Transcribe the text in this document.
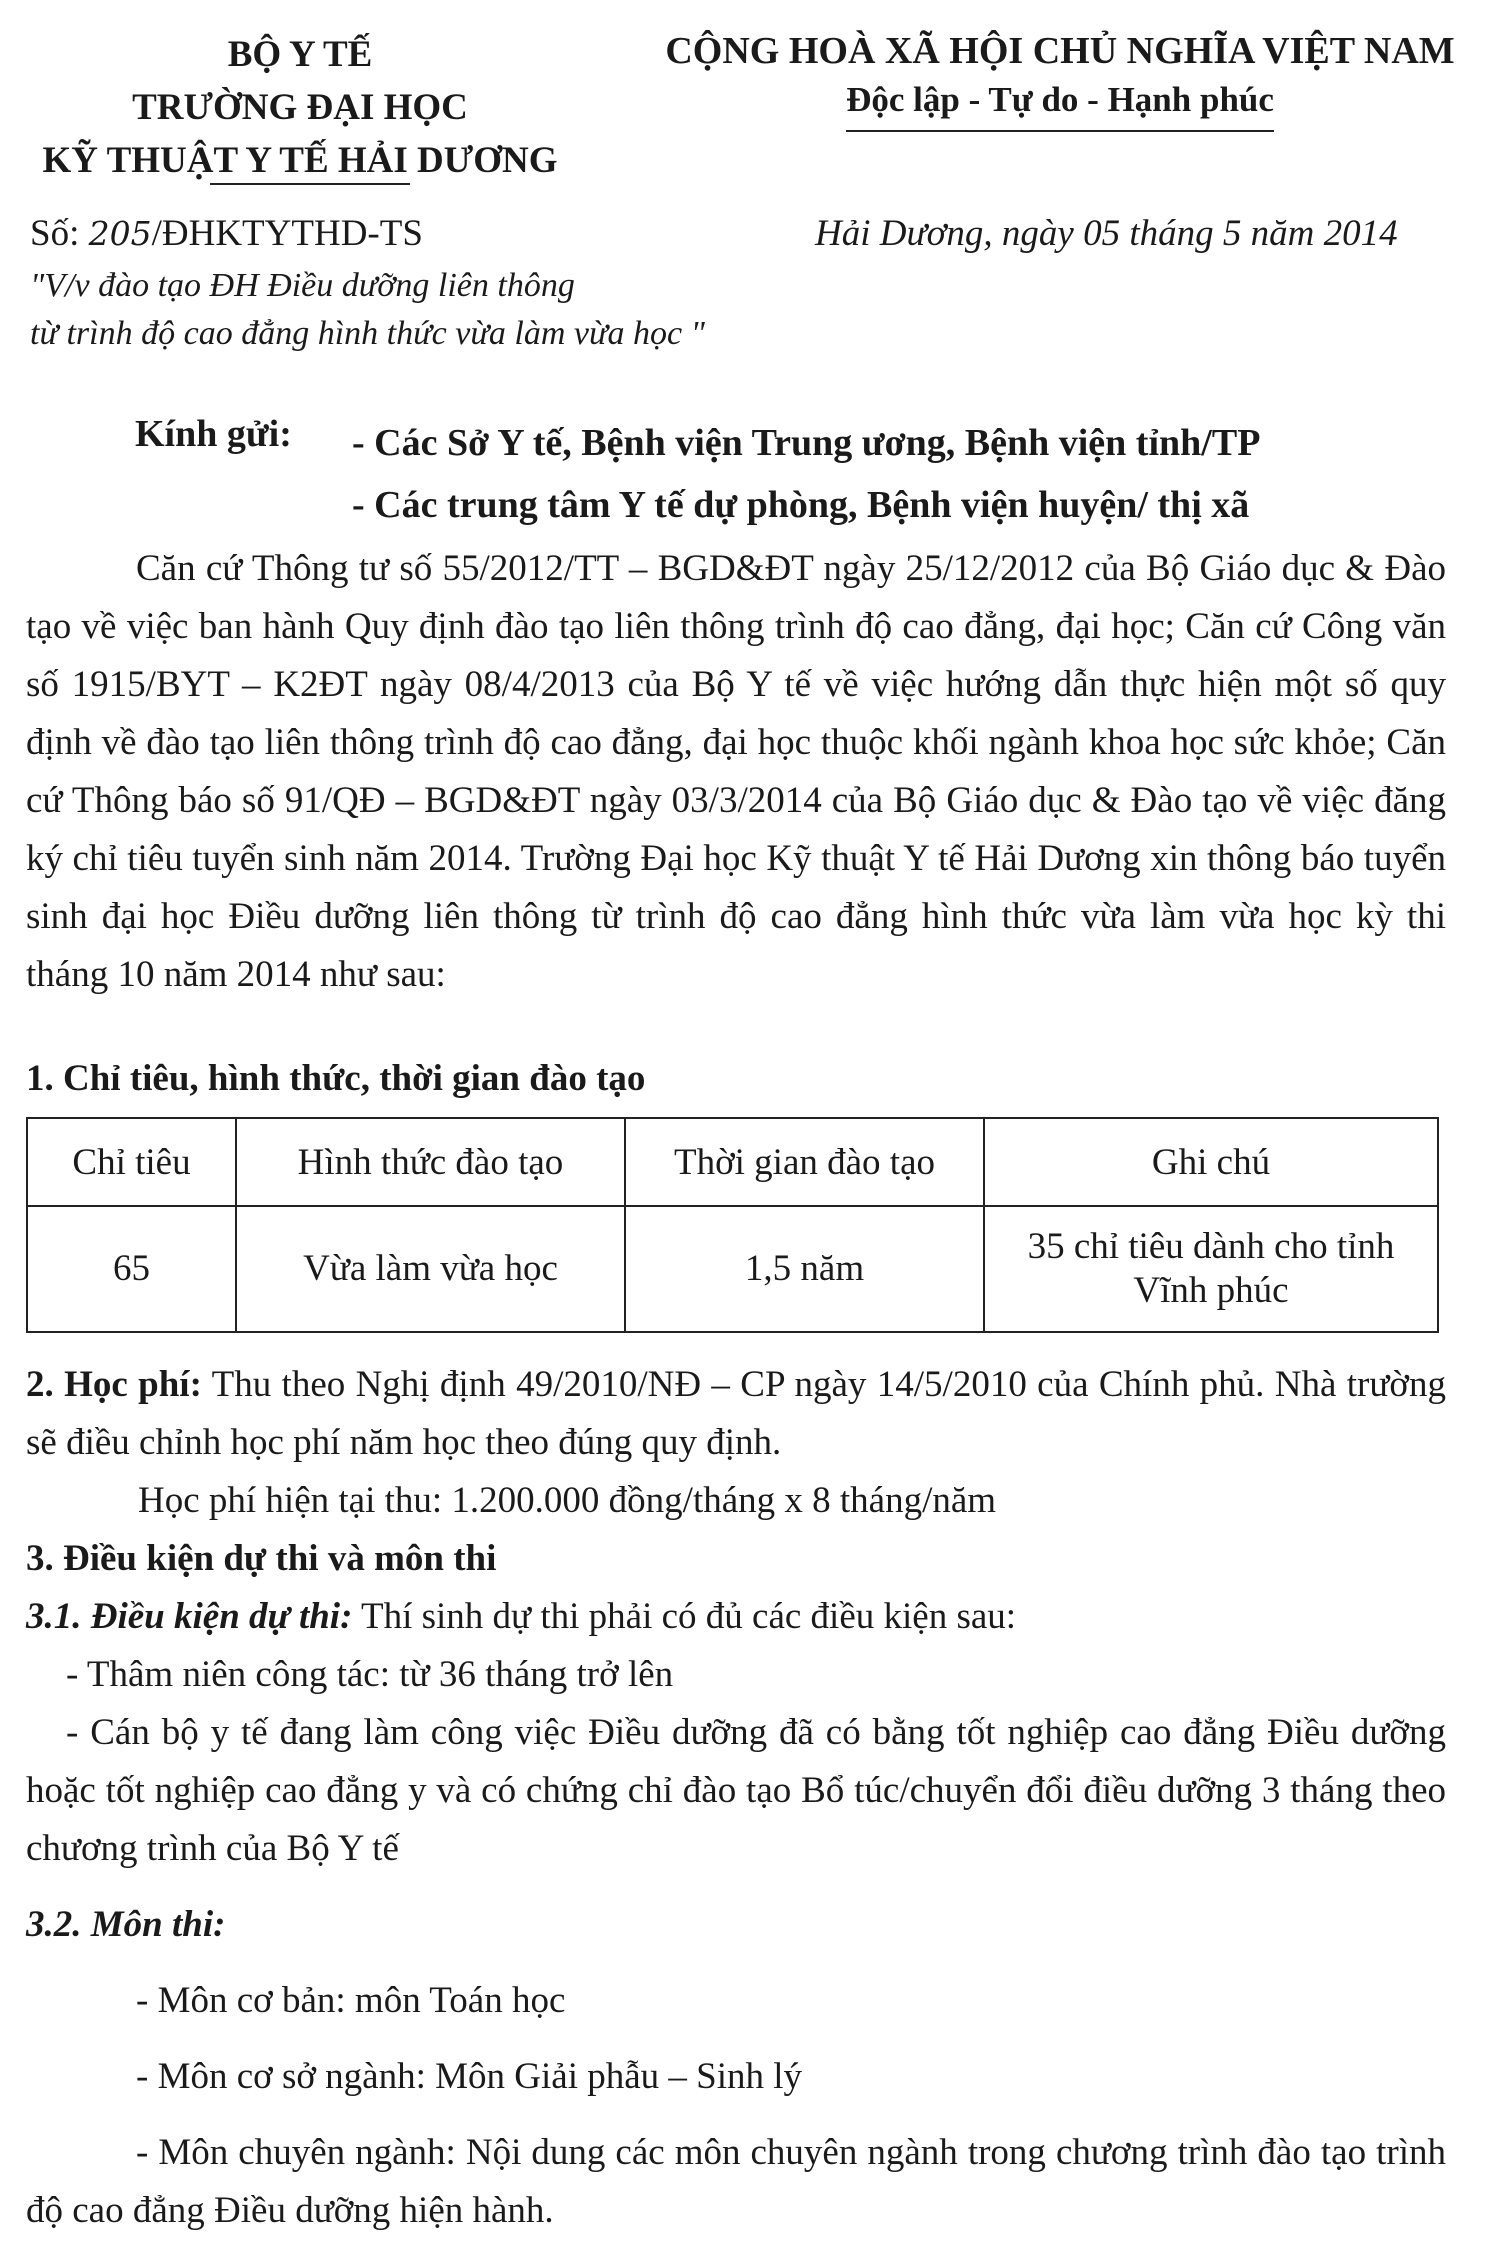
BỘ Y TẾ
TRƯỜNG ĐẠI HỌC
KỸ THUẬT Y TẾ HẢI DƯƠNG
CỘNG HOÀ XÃ HỘI CHỦ NGHĨA VIỆT NAM
Độc lập - Tự do - Hạnh phúc
Số: 205/ĐHKTYTHD-TS	Hải Dương, ngày 05 tháng 5 năm 2014
"V/v đào tạo ĐH Điều dưỡng liên thông
từ trình độ cao đẳng hình thức vừa làm vừa học "
Kính gửi: - Các Sở Y tế, Bệnh viện Trung ương, Bệnh viện tỉnh/TP
- Các trung tâm Y tế dự phòng, Bệnh viện huyện/ thị xã

Căn cứ Thông tư số 55/2012/TT – BGD&ĐT ngày 25/12/2012 của Bộ Giáo dục & Đào tạo về việc ban hành Quy định đào tạo liên thông trình độ cao đẳng, đại học; Căn cứ Công văn số 1915/BYT – K2ĐT ngày 08/4/2013 của Bộ Y tế về việc hướng dẫn thực hiện một số quy định về đào tạo liên thông trình độ cao đẳng, đại học thuộc khối ngành khoa học sức khỏe; Căn cứ Thông báo số 91/QĐ – BGD&ĐT ngày 03/3/2014 của Bộ Giáo dục & Đào tạo về việc đăng ký chỉ tiêu tuyển sinh năm 2014. Trường Đại học Kỹ thuật Y tế Hải Dương xin thông báo tuyển sinh đại học Điều dưỡng liên thông từ trình độ cao đẳng hình thức vừa làm vừa học kỳ thi tháng 10 năm 2014 như sau:

1. Chỉ tiêu, hình thức, thời gian đào tạo
Chỉ tiêu	Hình thức đào tạo	Thời gian đào tạo	Ghi chú
65	Vừa làm vừa học	1,5 năm	35 chỉ tiêu dành cho tỉnh
Vĩnh phúc

2. Học phí: Thu theo Nghị định 49/2010/NĐ – CP ngày 14/5/2010 của Chính phủ. Nhà trường sẽ điều chỉnh học phí năm học theo đúng quy định.

Học phí hiện tại thu: 1.200.000 đồng/tháng x 8 tháng/năm
3. Điều kiện dự thi và môn thi
3.1. Điều kiện dự thi: Thí sinh dự thi phải có đủ các điều kiện sau:
- Thâm niên công tác: từ 36 tháng trở lên

- Cán bộ y tế đang làm công việc Điều dưỡng đã có bằng tốt nghiệp cao đẳng Điều dưỡng hoặc tốt nghiệp cao đẳng y và có chứng chỉ đào tạo Bổ túc/chuyển đổi điều dưỡng 3 tháng theo chương trình của Bộ Y tế

3.2. Môn thi:
- Môn cơ bản: môn Toán học
- Môn cơ sở ngành: Môn Giải phẫu – Sinh lý

- Môn chuyên ngành: Nội dung các môn chuyên ngành trong chương trình đào tạo trình độ cao đẳng Điều dưỡng hiện hành.
